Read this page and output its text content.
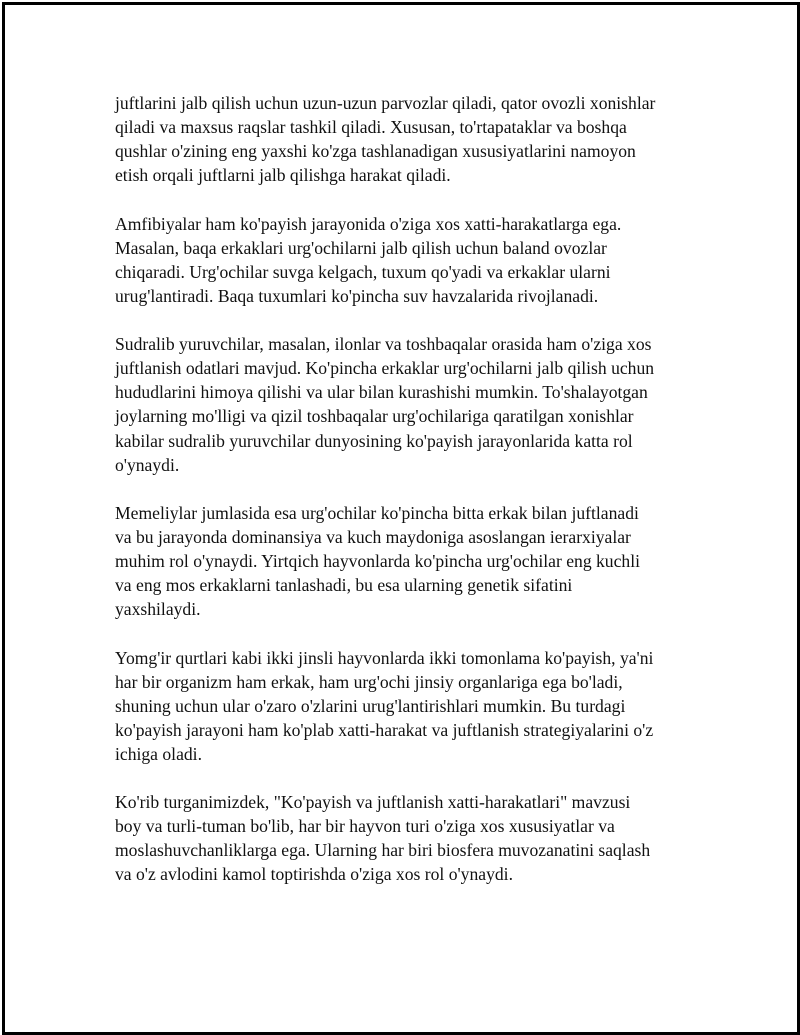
juftlarini jalb qilish uchun uzun-uzun parvozlar qiladi, qator ovozli xonishlar
qiladi va maxsus raqslar tashkil qiladi. Xususan, to'rtapataklar va boshqa
qushlar o'zining eng yaxshi ko'zga tashlanadigan xususiyatlarini namoyon
etish orqali juftlarni jalb qilishga harakat qiladi.

Amfibiyalar ham ko'payish jarayonida o'ziga xos xatti-harakatlarga ega.
Masalan, baqa erkaklari urg'ochilarni jalb qilish uchun baland ovozlar
chiqaradi. Urg'ochilar suvga kelgach, tuxum qo'yadi va erkaklar ularni
urug'lantiradi. Baqa tuxumlari ko'pincha suv havzalarida rivojlanadi.

Sudralib yuruvchilar, masalan, ilonlar va toshbaqalar orasida ham o'ziga xos
juftlanish odatlari mavjud. Ko'pincha erkaklar urg'ochilarni jalb qilish uchun
hududlarini himoya qilishi va ular bilan kurashishi mumkin. To'shalayotgan
joylarning mo'lligi va qizil toshbaqalar urg'ochilariga qaratilgan xonishlar
kabilar sudralib yuruvchilar dunyosining ko'payish jarayonlarida katta rol
o'ynaydi.

Memeliylar jumlasida esa urg'ochilar ko'pincha bitta erkak bilan juftlanadi
va bu jarayonda dominansiya va kuch maydoniga asoslangan ierarxiyalar
muhim rol o'ynaydi. Yirtqich hayvonlarda ko'pincha urg'ochilar eng kuchli
va eng mos erkaklarni tanlashadi, bu esa ularning genetik sifatini
yaxshilaydi.

Yomg'ir qurtlari kabi ikki jinsli hayvonlarda ikki tomonlama ko'payish, ya'ni
har bir organizm ham erkak, ham urg'ochi jinsiy organlariga ega bo'ladi,
shuning uchun ular o'zaro o'zlarini urug'lantirishlari mumkin. Bu turdagi
ko'payish jarayoni ham ko'plab xatti-harakat va juftlanish strategiyalarini o'z
ichiga oladi.

Ko'rib turganimizdek, "Ko'payish va juftlanish xatti-harakatlari" mavzusi
boy va turli-tuman bo'lib, har bir hayvon turi o'ziga xos xususiyatlar va
moslashuvchanliklarga ega. Ularning har biri biosfera muvozanatini saqlash
va o'z avlodini kamol toptirishda o'ziga xos rol o'ynaydi.
